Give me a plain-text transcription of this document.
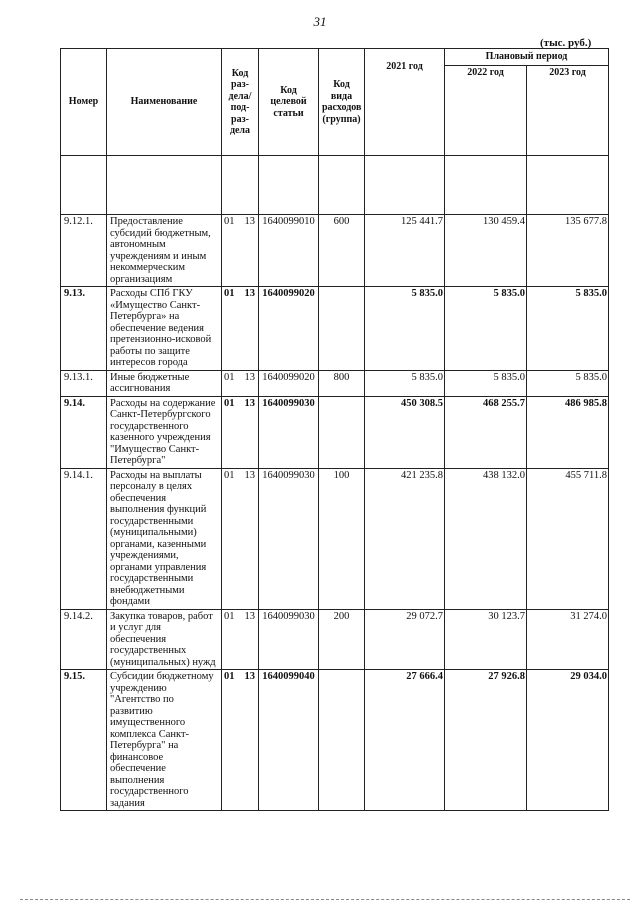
31
(тыс. руб.)
Номер	Наименование	Код раз-дела/ под-раз-дела	Код целевой статьи	Код вида расходов (группа)	2021 год	Плановый период	
						2022 год	2023 год

9.12.1.	Предоставление субсидий бюджетным, автономным учреждениям и иным некоммерческим организациям	01 13	1640099010	600	125 441.7	130 459.4	135 677.8
9.13.	Расходы СПб ГКУ «Имущество Санкт-Петербурга» на обеспечение ведения претензионно-исковой работы по защите интересов города	01 13	1640099020		5 835.0	5 835.0	5 835.0
9.13.1.	Иные бюджетные ассигнования	01 13	1640099020	800	5 835.0	5 835.0	5 835.0
9.14.	Расходы на содержание Санкт-Петербургского государственного казенного учреждения "Имущество Санкт-Петербурга"	01 13	1640099030		450 308.5	468 255.7	486 985.8
9.14.1.	Расходы на выплаты персоналу в целях обеспечения выполнения функций государственными (муниципальными) органами, казенными учреждениями, органами управления государственными внебюджетными фондами	01 13	1640099030	100	421 235.8	438 132.0	455 711.8
9.14.2.	Закупка товаров, работ и услуг для обеспечения государственных (муниципальных) нужд	01 13	1640099030	200	29 072.7	30 123.7	31 274.0
9.15.	Субсидии бюджетному учреждению "Агентство по развитию имущественного комплекса Санкт-Петербурга" на финансовое обеспечение выполнения государственного задания	01 13	1640099040		27 666.4	27 926.8	29 034.0
